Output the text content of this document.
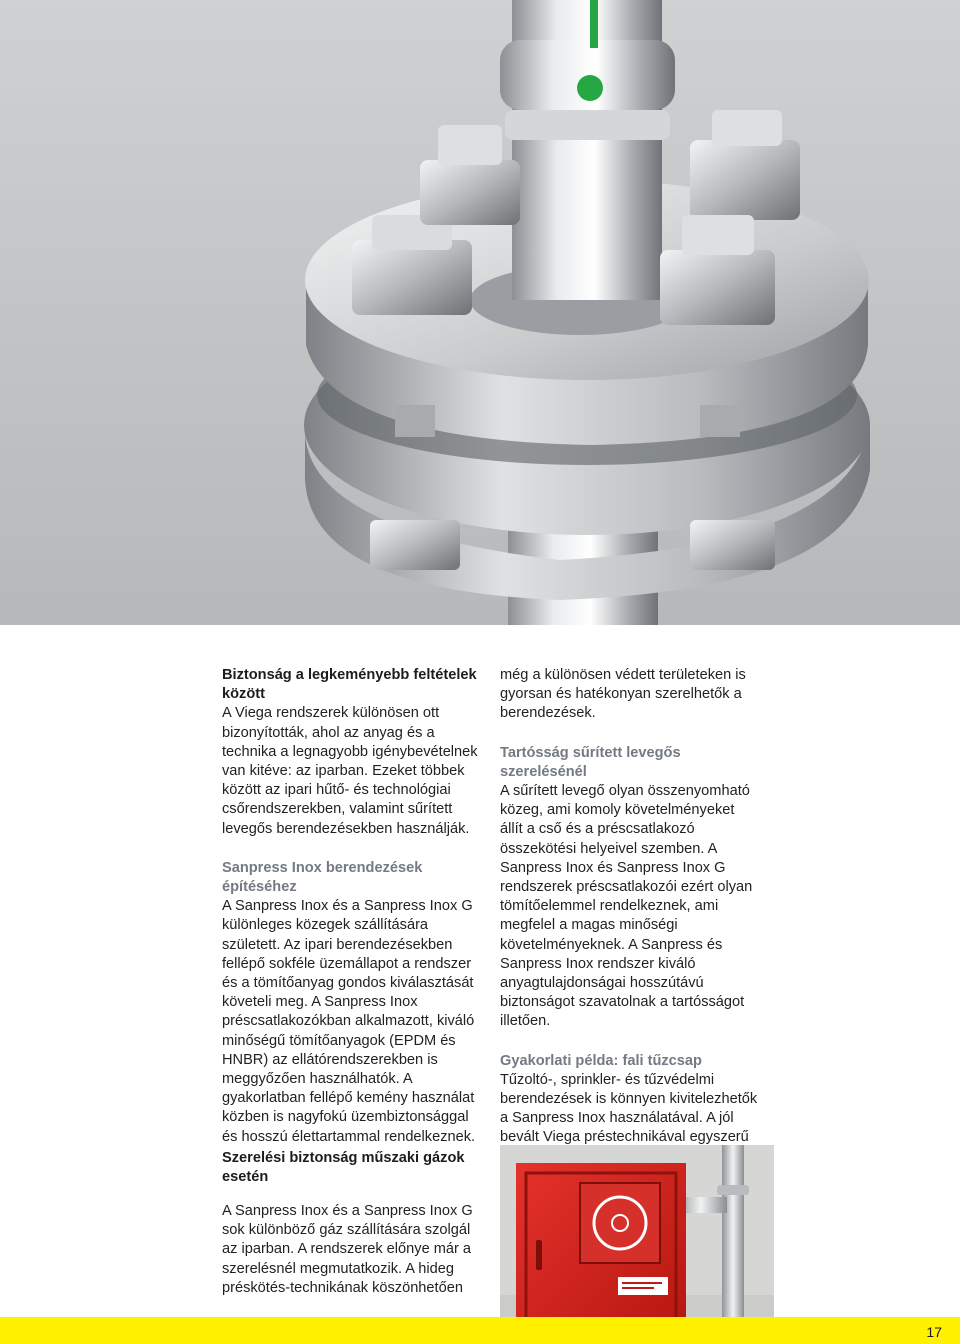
Biztonság a legkeményebb feltételek között

A Viega rendszerek különösen ott bizonyították, ahol az anyag és a technika a legnagyobb igénybevételnek van kitéve: az iparban. Ezeket többek között az ipari hűtő- és technológiai csőrendszerekben, valamint sűrített levegős berendezésekben használják.

Sanpress Inox berendezések építéséhez

A Sanpress Inox és a Sanpress Inox G különleges közegek szállítására született. Az ipari berendezésekben fellépő sokféle üzemállapot a rendszer és a tömítőanyag gondos kiválasztását követeli meg. A Sanpress Inox préscsatlakozókban alkalmazott, kiváló minőségű tömítőanyagok (EPDM és HNBR) az ellátórendszerekben is meggyőzően használhatók. A gyakorlatban fellépő kemény használat közben is nagyfokú üzembiztonsággal és hosszú élettartammal rendelkeznek.

Szerelési biztonság műszaki gázok esetén

A Sanpress Inox és a Sanpress Inox G sok különböző gáz szállítására szolgál az iparban. A rendszerek előnye már a szerelésnél megmutatkozik. A hideg préskötés-technikának köszönhetően

még a különösen védett területeken is gyorsan és hatékonyan szerelhetők a berendezések.

Tartósság sűrített levegős szerelésénél

A sűrített levegő olyan összenyomható közeg, ami komoly követelményeket állít a cső és a préscsatlakozó összekötési helyeivel szemben. A Sanpress Inox és Sanpress Inox G rendszerek préscsatlakozói ezért olyan tömítőelemmel rendelkeznek, ami megfelel a magas minőségi követelményeknek. A Sanpress és Sanpress Inox rendszer kiváló anyagtulajdonságai hosszútávú biztonságot szavatolnak a tartósságot illetően.

Gyakorlati példa: fali tűzcsap

Tűzoltó-, sprinkler- és tűzvédelmi berendezések is könnyen kivitelezhetők a Sanpress Inox használatával. A jól bevált Viega préstechnikával egyszerű

17
